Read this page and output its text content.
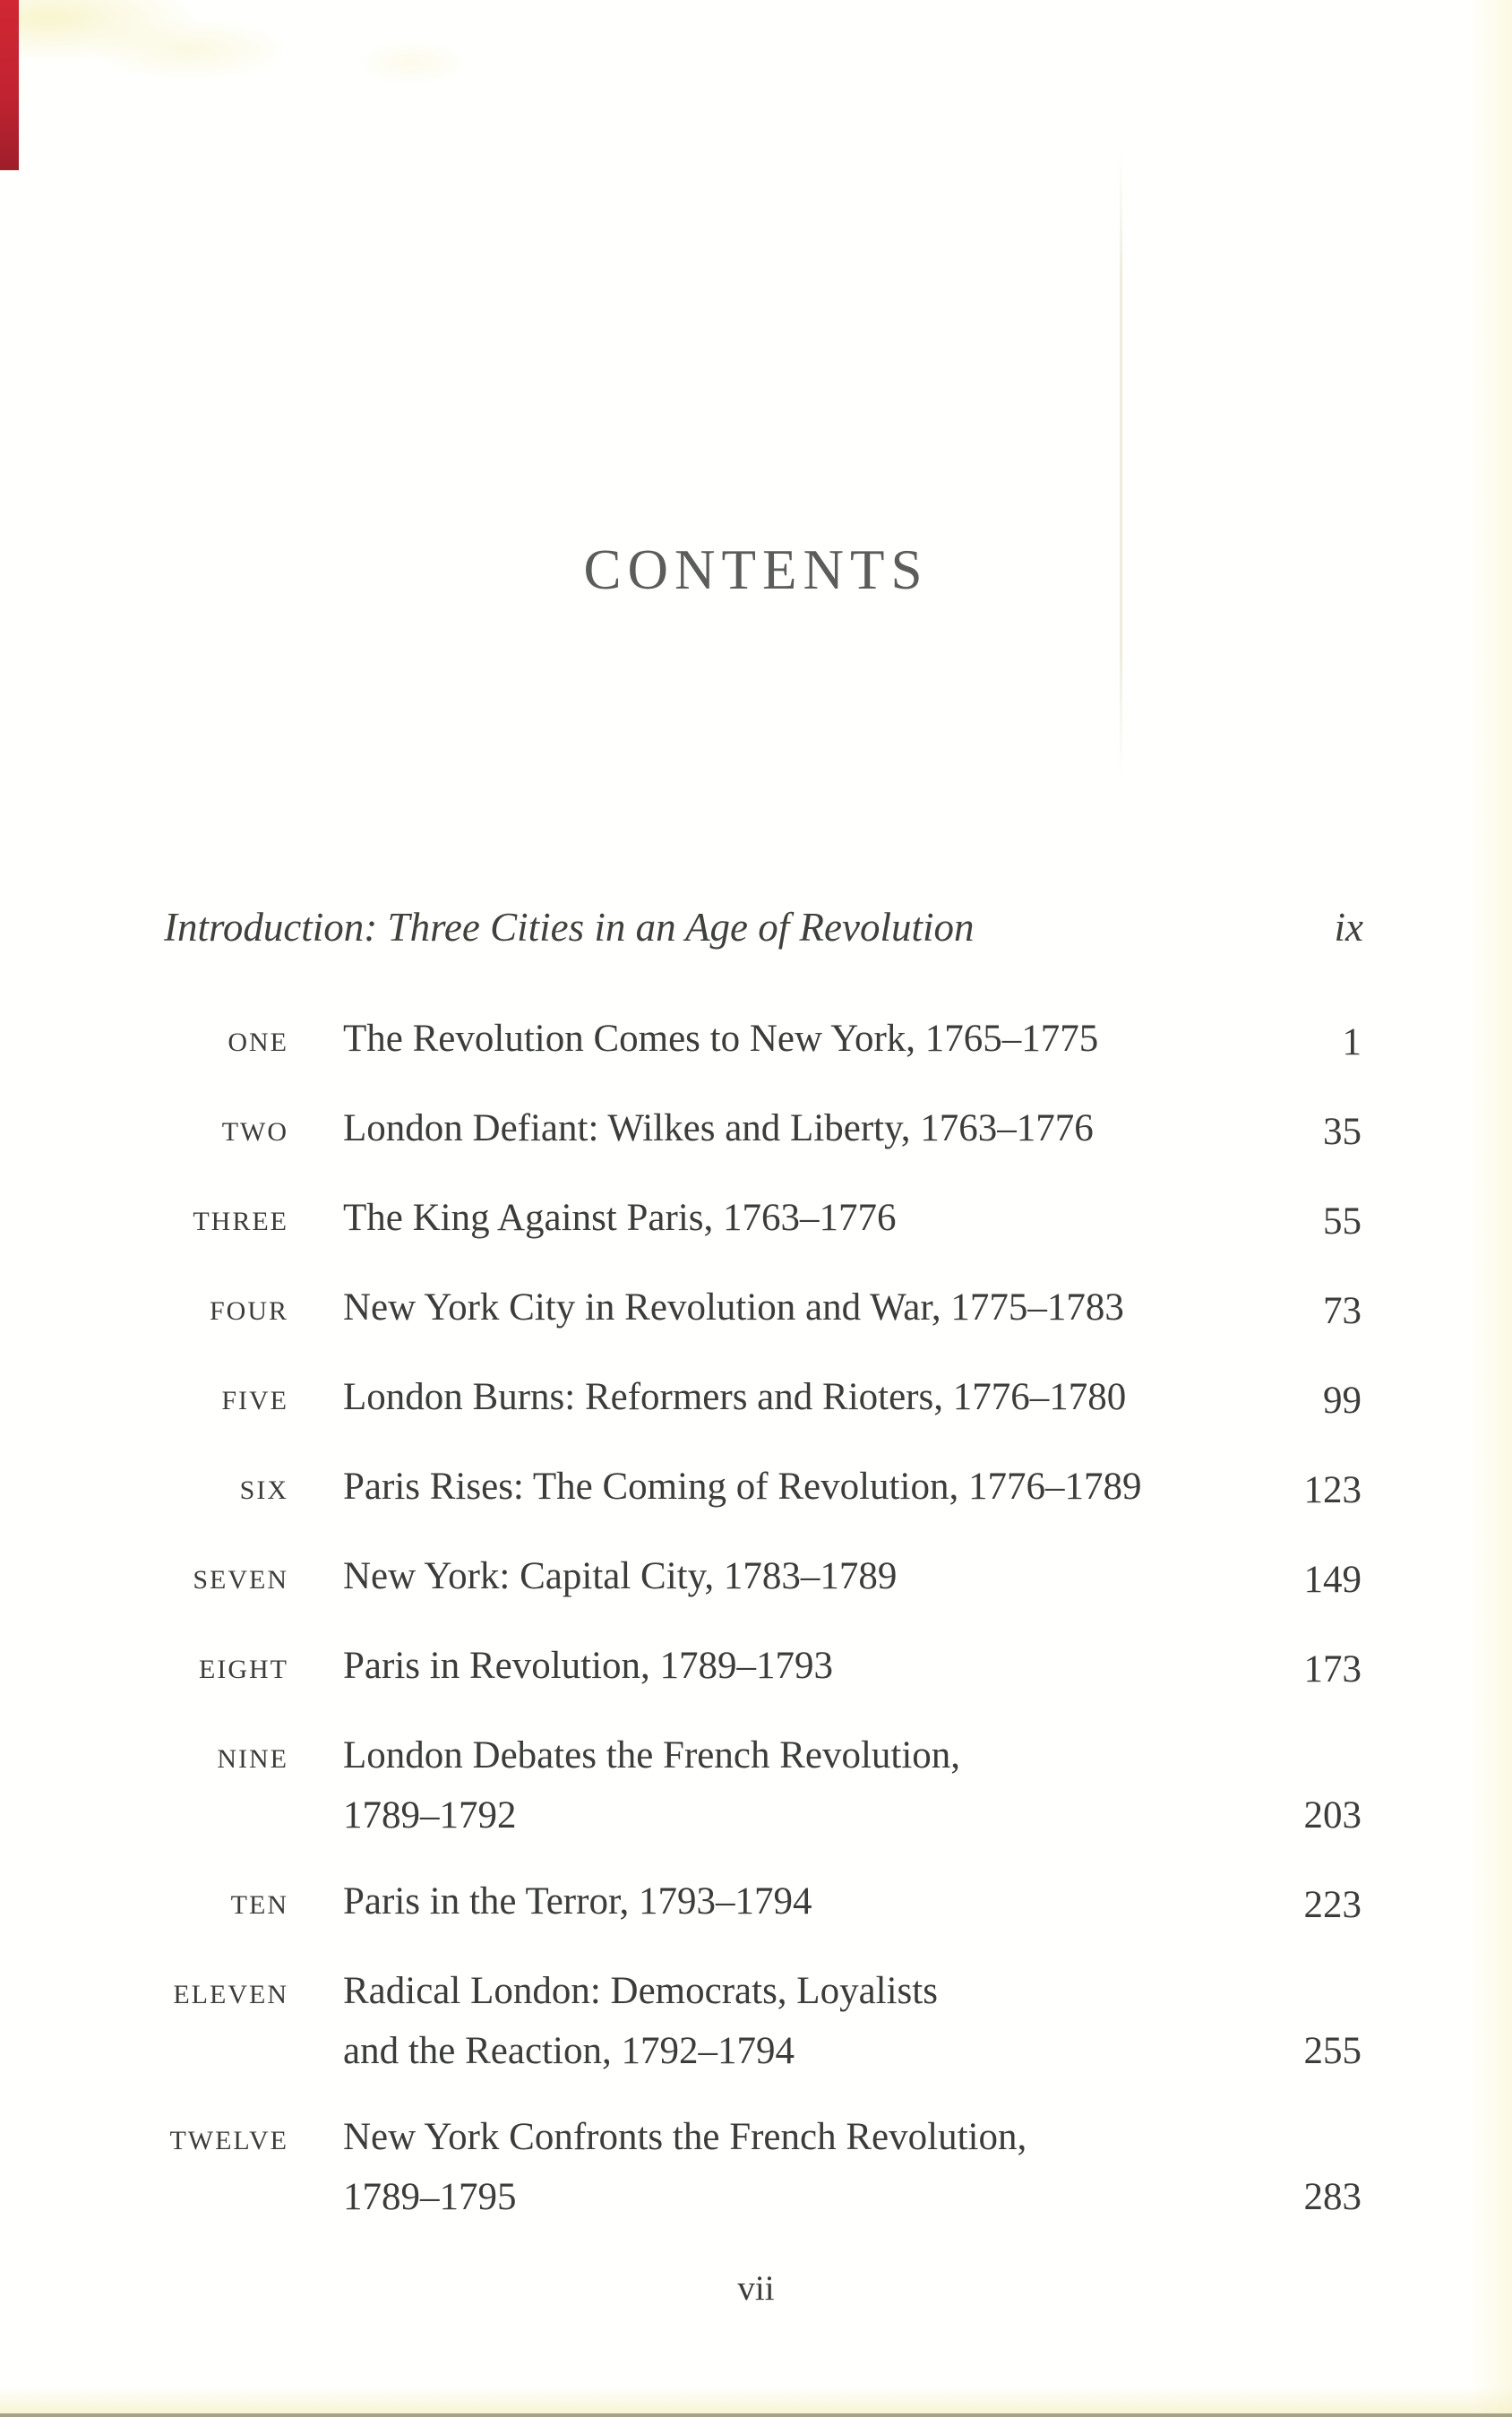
CONTENTS
Introduction: Three Cities in an Age of Revolution	ix
ONE The Revolution Comes to New York, 1765–1775	1
TWO London Defiant: Wilkes and Liberty, 1763–1776	35
THREE The King Against Paris, 1763–1776	55
FOUR New York City in Revolution and War, 1775–1783	73
FIVE London Burns: Reformers and Rioters, 1776–1780	99
SIX Paris Rises: The Coming of Revolution, 1776–1789	123
SEVEN New York: Capital City, 1783–1789	149
EIGHT Paris in Revolution, 1789–1793	173
NINE London Debates the French Revolution,
1789–1792	203
TEN Paris in the Terror, 1793–1794	223
ELEVEN Radical London: Democrats, Loyalists
and the Reaction, 1792–1794	255
TWELVE New York Confronts the French Revolution,
1789–1795	283
vii
